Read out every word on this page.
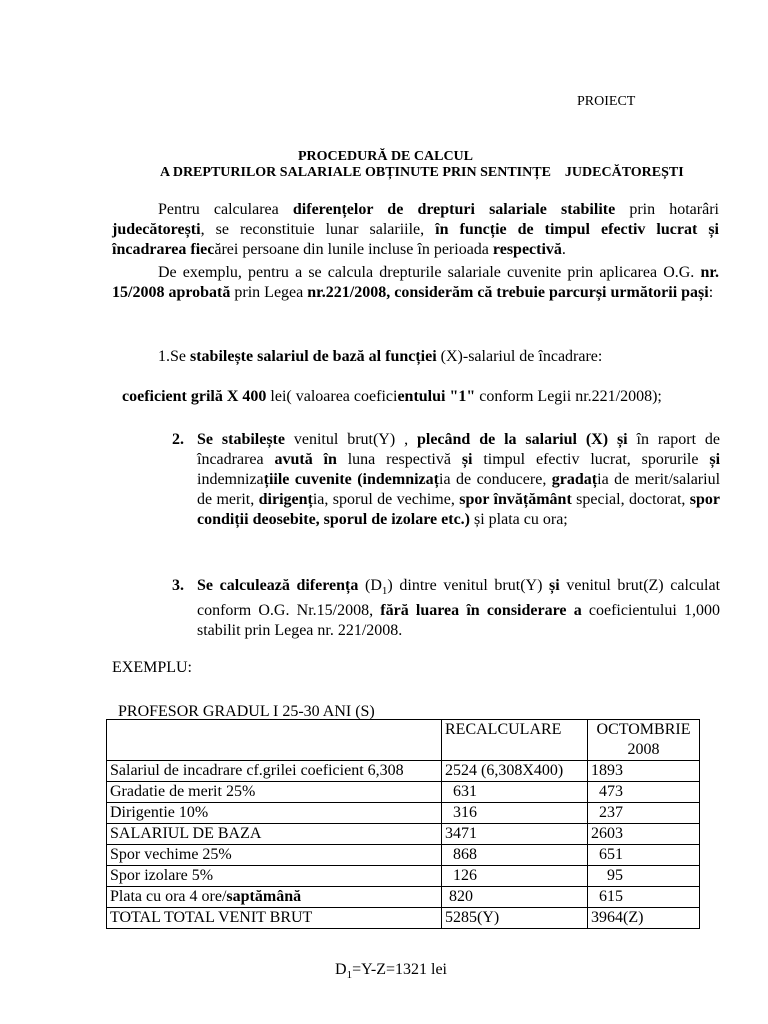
PROIECT
PROCEDURĂ DE CALCUL
A DREPTURILOR SALARIALE OBȚINUTE PRIN SENTINȚE    JUDECĂTOREȘTI
Pentru calcularea diferențelor de drepturi salariale stabilite prin hotarâri judecătorești, se reconstituie lunar salariile, în funcție de timpul efectiv lucrat și încadrarea fiecărei persoane din lunile incluse în perioada respectivă.
De exemplu, pentru a se calcula drepturile salariale cuvenite prin aplicarea O.G. nr. 15/2008 aprobată prin Legea nr.221/2008, considerăm că trebuie parcurși următorii pași:
1.Se stabilește salariul de bază al funcției (X)-salariul de încadrare:
coeficient grilă X 400 lei( valoarea coeficientului "1" conform Legii nr.221/2008);
2. Se stabilește venitul brut(Y) , plecând de la salariul (X) și în raport de încadrarea avută în luna respectivă și timpul efectiv lucrat, sporurile și indemnizațiile cuvenite (indemnizația de conducere, gradația de merit/salariul de merit, dirigenția, sporul de vechime, spor învățământ special, doctorat, spor condiții deosebite, sporul de izolare etc.) și plata cu ora;
3. Se calculează diferența $(D_1)$ dintre venitul brut(Y) și venitul brut(Z) calculat conform O.G. Nr.15/2008, fără luarea în considerare a coeficientului 1,000 stabilit prin Legea nr. 221/2008.
EXEMPLU:
PROFESOR GRADUL I 25-30 ANI (S)
	RECALCULARE	OCTOMBRIE 2008
Salariul de incadrare cf.grilei coeficient 6,308	2524 (6,308X400)	1893
Gradatie de merit 25%	631	473
Dirigentie 10%	316	237
SALARIUL DE BAZA	3471	2603
Spor vechime 25%	868	651
Spor izolare 5%	126	95
Plata cu ora 4 ore/saptămână	820	615
TOTAL TOTAL VENIT BRUT	5285(Y)	3964(Z)
$D_1=Y-Z=1321$ lei
